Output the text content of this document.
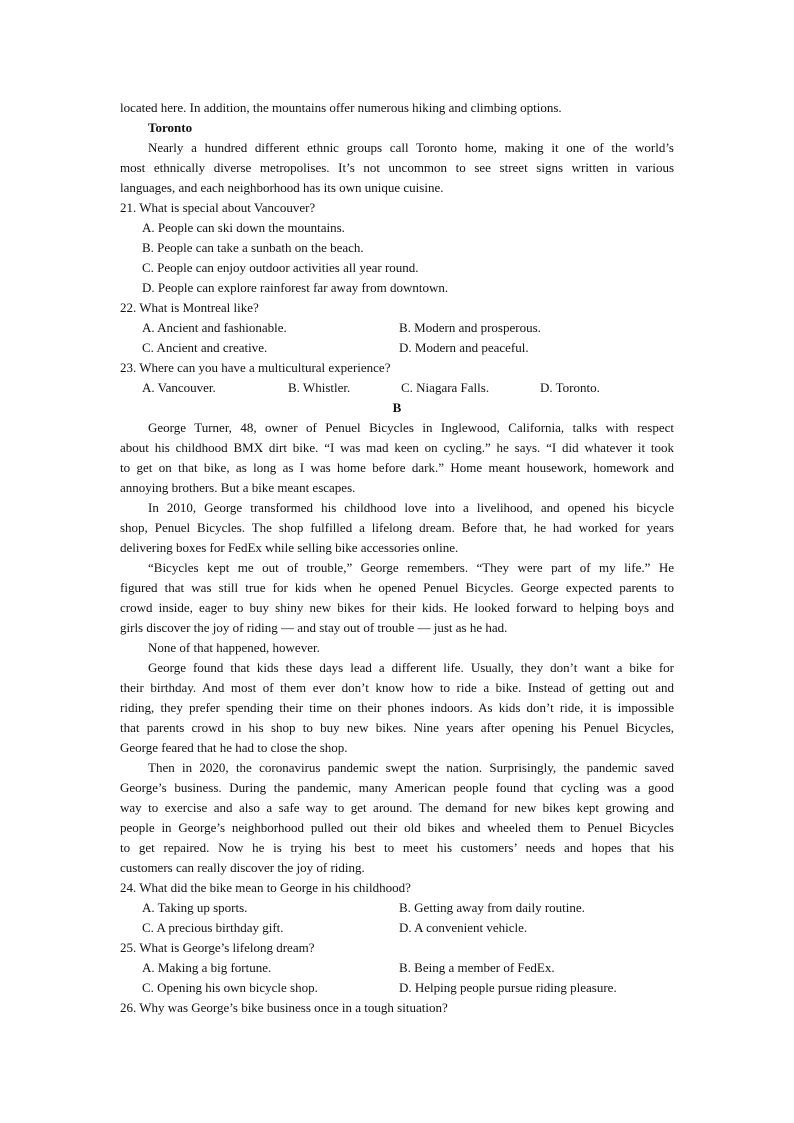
located here. In addition, the mountains offer numerous hiking and climbing options.
Toronto
Nearly a hundred different ethnic groups call Toronto home, making it one of the world’s
most ethnically diverse metropolises. It’s not uncommon to see street signs written in various
languages, and each neighborhood has its own unique cuisine.
21. What is special about Vancouver?
A. People can ski down the mountains.
B. People can take a sunbath on the beach.
C. People can enjoy outdoor activities all year round.
D. People can explore rainforest far away from downtown.
22. What is Montreal like?
A. Ancient and fashionable.	B. Modern and prosperous.
C. Ancient and creative.	D. Modern and peaceful.
23. Where can you have a multicultural experience?
A. Vancouver.	B. Whistler.	C. Niagara Falls.	D. Toronto.
B
George Turner, 48, owner of Penuel Bicycles in Inglewood, California, talks with respect
about his childhood BMX dirt bike. “I was mad keen on cycling.” he says. “I did whatever it took
to get on that bike, as long as I was home before dark.” Home meant housework, homework and
annoying brothers. But a bike meant escapes.
In 2010, George transformed his childhood love into a livelihood, and opened his bicycle
shop, Penuel Bicycles. The shop fulfilled a lifelong dream. Before that, he had worked for years
delivering boxes for FedEx while selling bike accessories online.
“Bicycles kept me out of trouble,” George remembers. “They were part of my life.” He
figured that was still true for kids when he opened Penuel Bicycles. George expected parents to
crowd inside, eager to buy shiny new bikes for their kids. He looked forward to helping boys and
girls discover the joy of riding — and stay out of trouble — just as he had.
None of that happened, however.
George found that kids these days lead a different life. Usually, they don’t want a bike for
their birthday. And most of them ever don’t know how to ride a bike. Instead of getting out and
riding, they prefer spending their time on their phones indoors. As kids don’t ride, it is impossible
that parents crowd in his shop to buy new bikes. Nine years after opening his Penuel Bicycles,
George feared that he had to close the shop.
Then in 2020, the coronavirus pandemic swept the nation. Surprisingly, the pandemic saved
George’s business. During the pandemic, many American people found that cycling was a good
way to exercise and also a safe way to get around. The demand for new bikes kept growing and
people in George’s neighborhood pulled out their old bikes and wheeled them to Penuel Bicycles
to get repaired. Now he is trying his best to meet his customers’ needs and hopes that his
customers can really discover the joy of riding.
24. What did the bike mean to George in his childhood?
A. Taking up sports.	B. Getting away from daily routine.
C. A precious birthday gift.	D. A convenient vehicle.
25. What is George’s lifelong dream?
A. Making a big fortune.	B. Being a member of FedEx.
C. Opening his own bicycle shop.	D. Helping people pursue riding pleasure.
26. Why was George’s bike business once in a tough situation?
